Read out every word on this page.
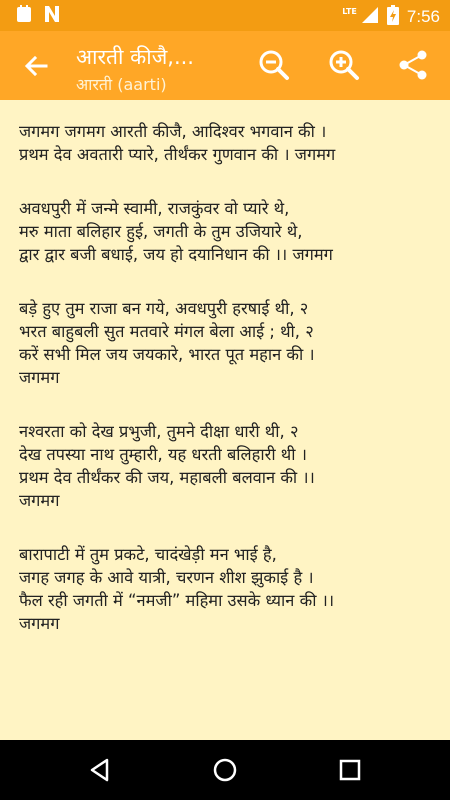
LTE	7:56
आरती कीजै,...
आरती (aarti)
जगमग जगमग आरती कीजै, आदिश्वर भगवान की ।
प्रथम देव अवतारी प्यारे, तीर्थंकर गुणवान की । जगमग
अवधपुरी में जन्मे स्वामी, राजकुंवर वो प्यारे थे,
मरु माता बलिहार हुई, जगती के तुम उजियारे थे,
द्वार द्वार बजी बधाई, जय हो दयानिधान की ।। जगमग
बड़े हुए तुम राजा बन गये, अवधपुरी हरषाई थी, २
भरत बाहुबली सुत मतवारे मंगल बेला आई ; थी, २
करें सभी मिल जय जयकारे, भारत पूत महान की ।
जगमग
नश्वरता को देख प्रभुजी, तुमने दीक्षा धारी थी, २
देख तपस्या नाथ तुम्हारी, यह धरती बलिहारी थी ।
प्रथम देव तीर्थंकर की जय, महाबली बलवान की ।।
जगमग
बारापाटी में तुम प्रकटे, चादंखेड़ी मन भाई है,
जगह जगह के आवे यात्री, चरणन शीश झुकाई है ।
फैल रही जगती में “नमजी” महिमा उसके ध्यान की ।।
जगमग
